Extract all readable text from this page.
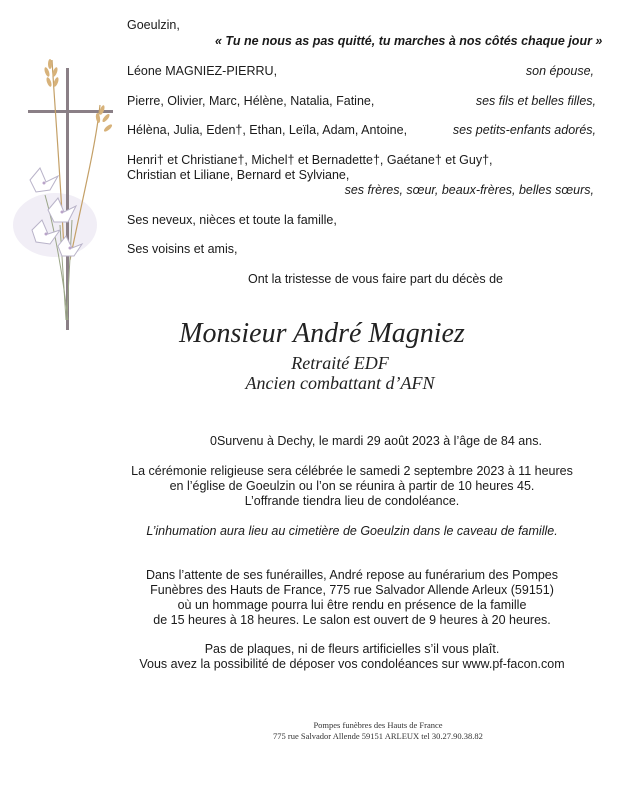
Goeulzin,
« Tu ne nous as pas quitté, tu marches à nos côtés chaque jour »
Léone MAGNIEZ-PIERRU,	son épouse,
Pierre, Olivier, Marc, Hélène, Natalia, Fatine,	ses fils et belles filles,
Hélèna, Julia, Eden†, Ethan, Leïla, Adam, Antoine,	ses petits-enfants adorés,
Henri† et Christiane†, Michel† et Bernadette†, Gaétane† et Guy†,
Christian et Liliane, Bernard et Sylviane,
ses frères, sœur, beaux-frères, belles sœurs,
Ses neveux, nièces et toute la famille,
Ses voisins et amis,
Ont la tristesse de vous faire part du décès de
Monsieur André Magniez
Retraité EDF
Ancien combattant d’AFN
0Survenu à Dechy, le mardi 29 août 2023 à l’âge de 84 ans.
La cérémonie religieuse sera célébrée le samedi 2 septembre 2023 à 11 heures
en l’église de Goeulzin ou l’on se réunira à partir de 10 heures 45.
L’offrande tiendra lieu de condoléance.
L’inhumation aura lieu au cimetière de Goeulzin dans le caveau de famille.
Dans l’attente de ses funérailles, André repose au funérarium des Pompes
Funèbres des Hauts de France, 775 rue Salvador Allende Arleux (59151)
où un hommage pourra lui être rendu en présence de la famille
de 15 heures à 18 heures. Le salon est ouvert de 9 heures à 20 heures.
Pas de plaques, ni de fleurs artificielles s’il vous plaît.
Vous avez la possibilité de déposer vos condoléances sur www.pf-facon.com
Pompes funèbres des Hauts de France
775 rue Salvador Allende 59151 ARLEUX tel 30.27.90.38.82
